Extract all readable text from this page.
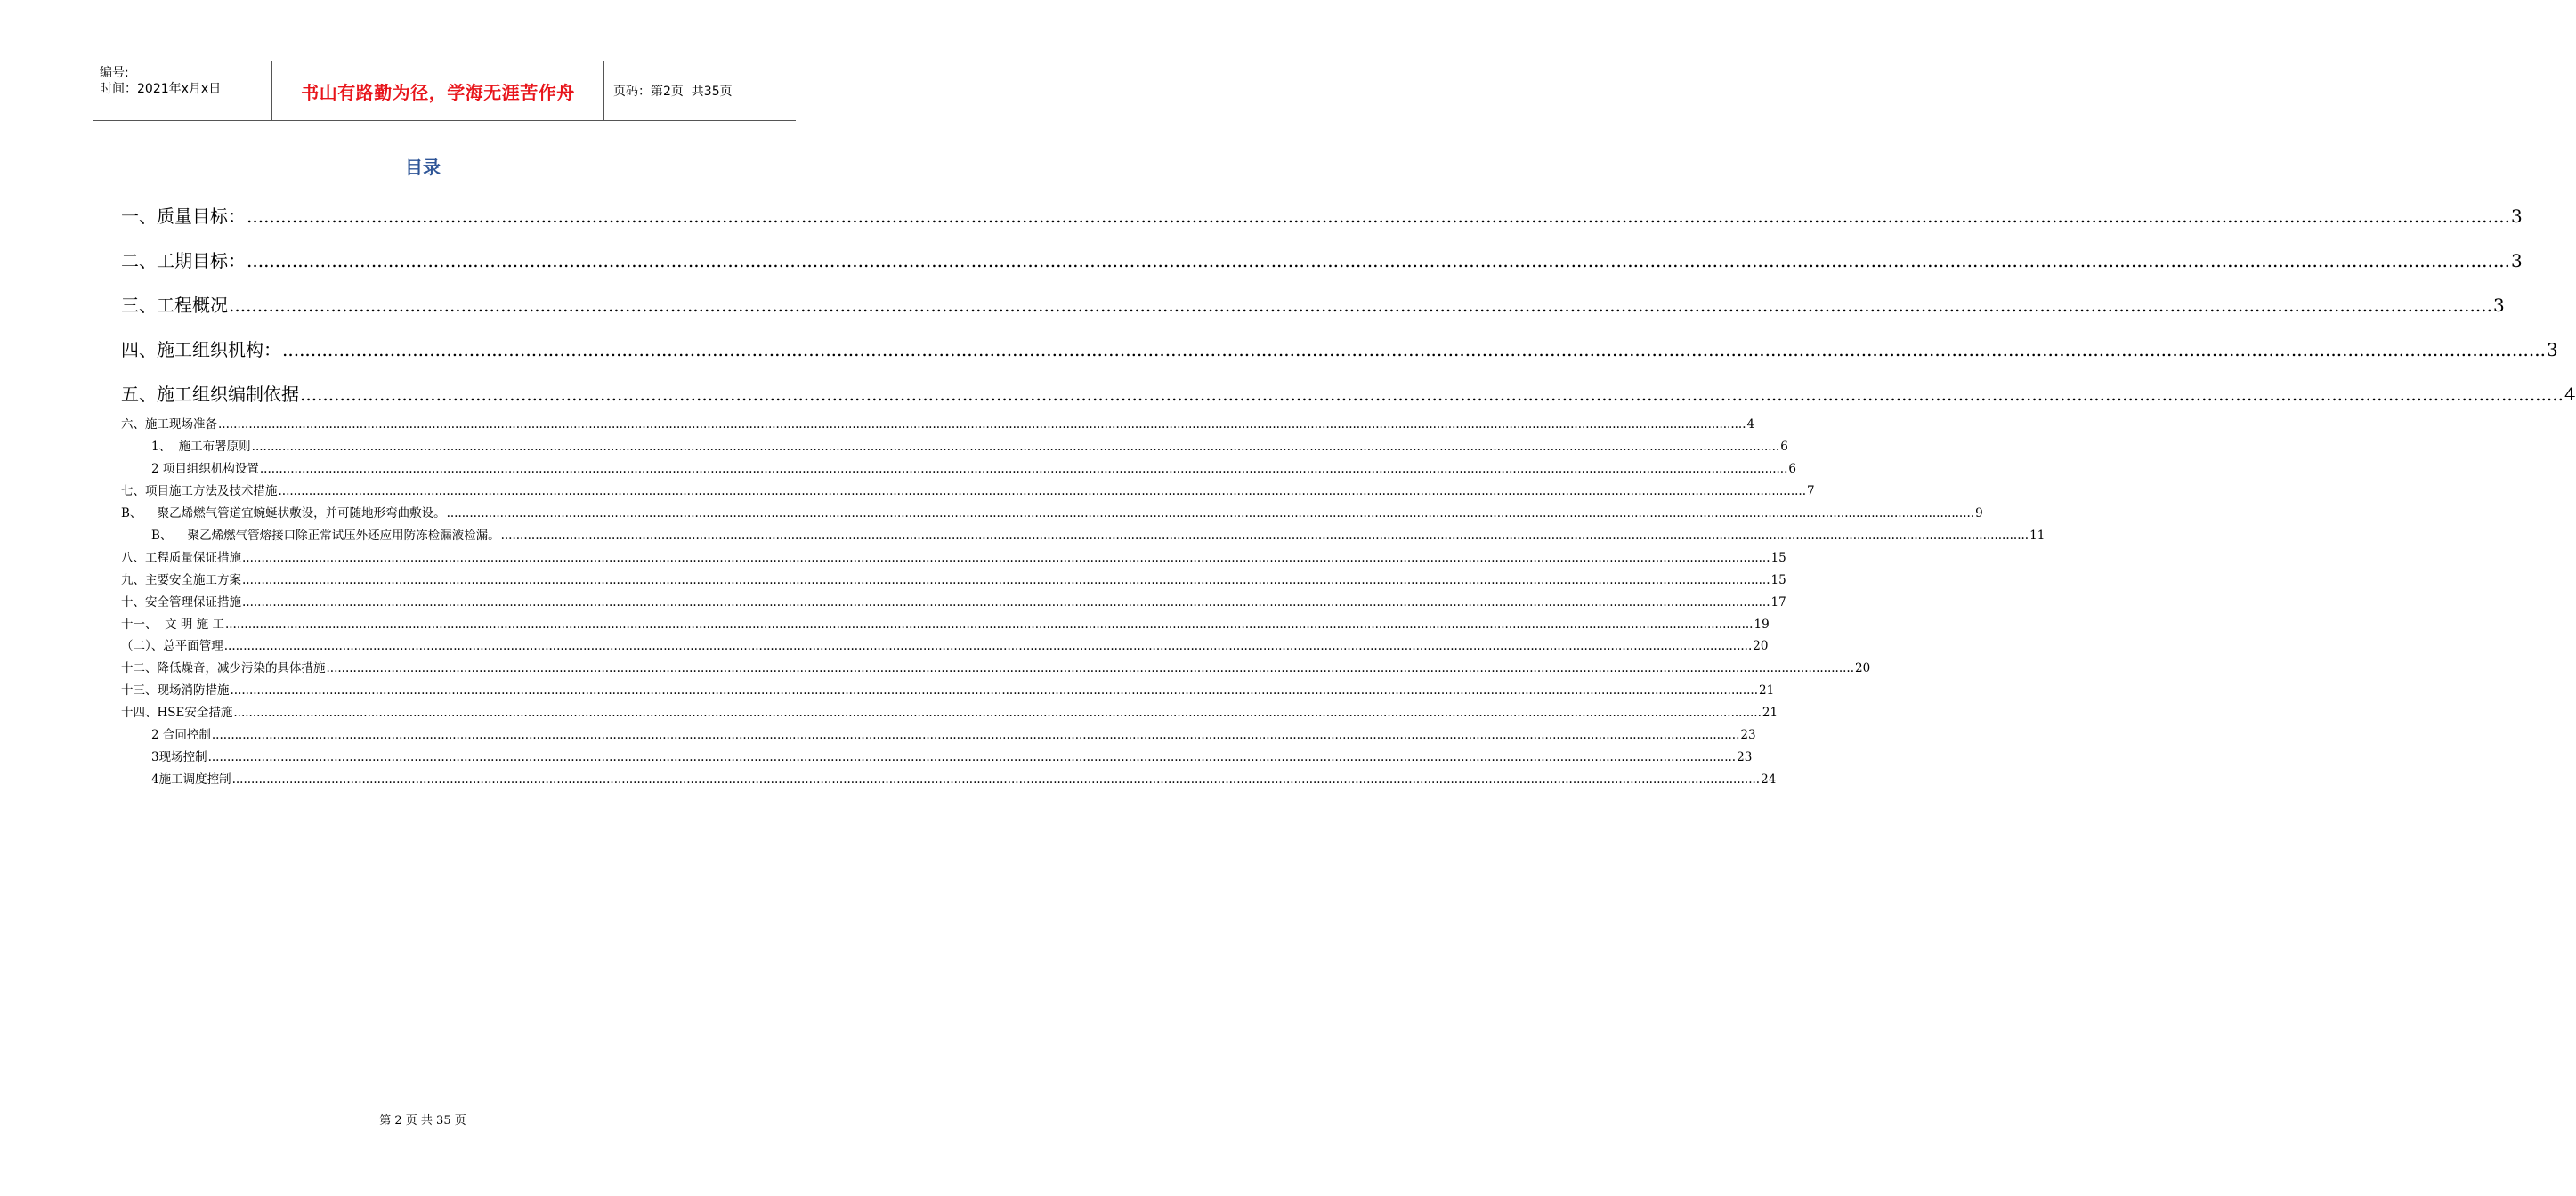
编号:
时间：2021年x月x日	书山有路勤为径，学海无涯苦作舟	页码：第2页  共35页
目录
一、质量目标： ................................................................................................................................................................................................................................................................................................................................................................................................................ 3
二、工期目标： ................................................................................................................................................................................................................................................................................................................................................................................................................ 3
三、工程概况 ................................................................................................................................................................................................................................................................................................................................................................................................................ 3
四、施工组织机构： ................................................................................................................................................................................................................................................................................................................................................................................................................ 3
五、施工组织编制依据 ................................................................................................................................................................................................................................................................................................................................................................................................................ 4
六、施工现场准备 ................................................................................................................................................................................................................................................................................................................................................................................................................ 4
1、  施工布署原则 ................................................................................................................................................................................................................................................................................................................................................................................................................ 6
2 项目组织机构设置 ................................................................................................................................................................................................................................................................................................................................................................................................................ 6
七、项目施工方法及技术措施 ................................................................................................................................................................................................................................................................................................................................................................................................................ 7
B、    聚乙烯燃气管道宜蜿蜒状敷设，并可随地形弯曲敷设。 ................................................................................................................................................................................................................................................................................................................................................................................................................ 9
B、    聚乙烯燃气管熔接口除正常试压外还应用防冻检漏液检漏。 ................................................................................................................................................................................................................................................................................................................................................................................................................ 11
八、工程质量保证措施 ................................................................................................................................................................................................................................................................................................................................................................................................................ 15
九、主要安全施工方案 ................................................................................................................................................................................................................................................................................................................................................................................................................ 15
十、安全管理保证措施 ................................................................................................................................................................................................................................................................................................................................................................................................................ 17
十一、  文 明 施 工 ................................................................................................................................................................................................................................................................................................................................................................................................................ 19
（二）、总平面管理 ................................................................................................................................................................................................................................................................................................................................................................................................................ 20
十二、降低燥音，减少污染的具体措施 ................................................................................................................................................................................................................................................................................................................................................................................................................ 20
十三、现场消防措施 ................................................................................................................................................................................................................................................................................................................................................................................................................ 21
十四、HSE安全措施 ................................................................................................................................................................................................................................................................................................................................................................................................................ 21
2 合同控制 ................................................................................................................................................................................................................................................................................................................................................................................................................ 23
3现场控制 ................................................................................................................................................................................................................................................................................................................................................................................................................ 23
4施工调度控制 ................................................................................................................................................................................................................................................................................................................................................................................................................ 24
第 2 页 共 35 页
